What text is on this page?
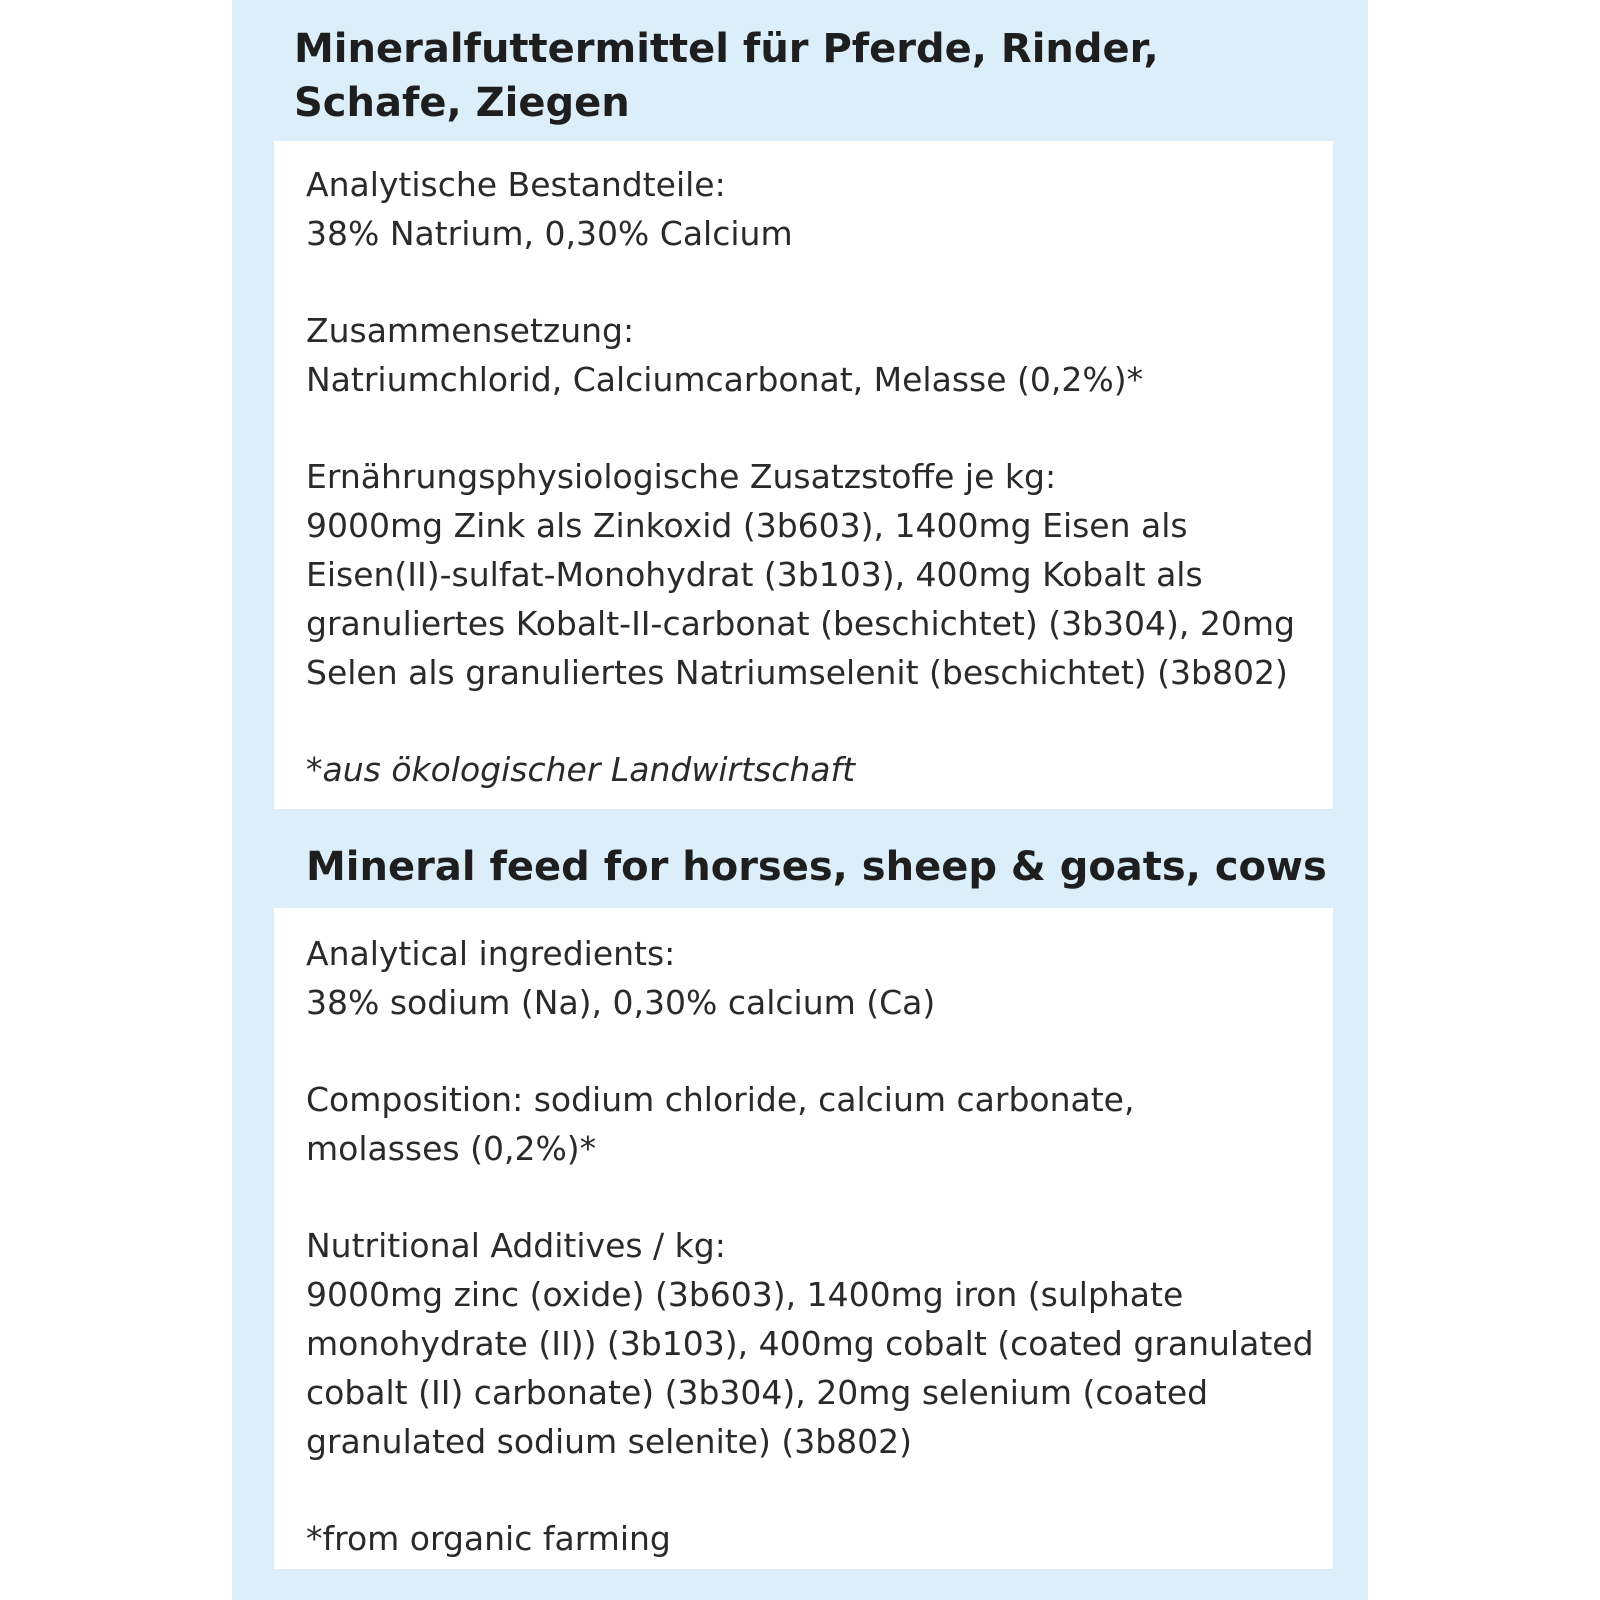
Mineralfuttermittel für Pferde, Rinder,
Schafe, Ziegen
Analytische Bestandteile:
38% Natrium, 0,30% Calcium
Zusammensetzung:
Natriumchlorid, Calciumcarbonat, Melasse (0,2%)*
Ernährungsphysiologische Zusatzstoffe je kg:
9000mg Zink als Zinkoxid (3b603), 1400mg Eisen als
Eisen(II)-sulfat-Monohydrat (3b103), 400mg Kobalt als
granuliertes Kobalt-II-carbonat (beschichtet) (3b304), 20mg
Selen als granuliertes Natriumselenit (beschichtet) (3b802)
*aus ökologischer Landwirtschaft
Mineral feed for horses, sheep & goats, cows
Analytical ingredients:
38% sodium (Na), 0,30% calcium (Ca)
Composition: sodium chloride, calcium carbonate,
molasses (0,2%)*
Nutritional Additives / kg:
9000mg zinc (oxide) (3b603), 1400mg iron (sulphate
monohydrate (II)) (3b103), 400mg cobalt (coated granulated
cobalt (II) carbonate) (3b304), 20mg selenium (coated
granulated sodium selenite) (3b802)
*from organic farming
